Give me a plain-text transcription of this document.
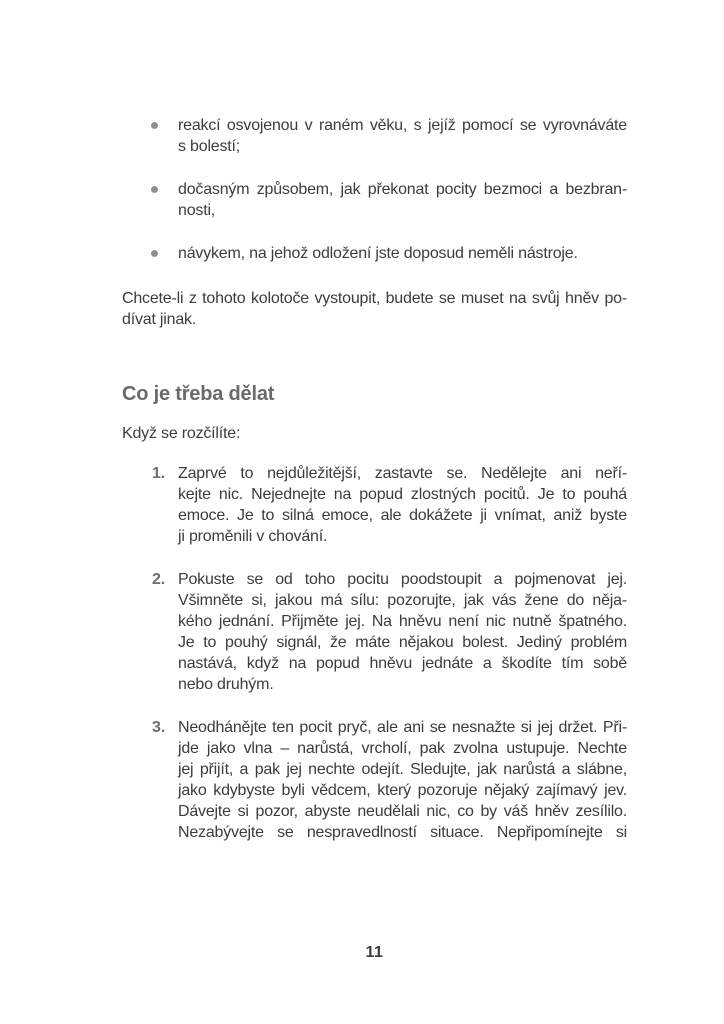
reakcí osvojenou v raném věku, s jejíž pomocí se vyrovnáváte
s bolestí;
dočasným způsobem, jak překonat pocity bezmoci a bezbran-
nosti,
návykem, na jehož odložení jste doposud neměli nástroje.
Chcete-li z tohoto kolotoče vystoupit, budete se muset na svůj hněv po-
dívat jinak.
Co je třeba dělat
Když se rozčílíte:
1. Zaprvé to nejdůležitější, zastavte se. Nedělejte ani neří-
kejte nic. Nejednejte na popud zlostných pocitů. Je to pouhá
emoce. Je to silná emoce, ale dokážete ji vnímat, aniž byste
ji proměnili v chování.
2. Pokuste se od toho pocitu poodstoupit a pojmenovat jej.
Všimněte si, jakou má sílu: pozorujte, jak vás žene do něja-
kého jednání. Přijměte jej. Na hněvu není nic nutně špatného.
Je to pouhý signál, že máte nějakou bolest. Jediný problém
nastává, když na popud hněvu jednáte a škodíte tím sobě
nebo druhým.
3. Neodhánějte ten pocit pryč, ale ani se nesnažte si jej držet. Při-
jde jako vlna – narůstá, vrcholí, pak zvolna ustupuje. Nechte
jej přijít, a pak jej nechte odejít. Sledujte, jak narůstá a slábne,
jako kdybyste byli vědcem, který pozoruje nějaký zajímavý jev.
Dávejte si pozor, abyste neudělali nic, co by váš hněv zesílilo.
Nezabývejte se nespravedlností situace. Nepřipomínejte si
11
